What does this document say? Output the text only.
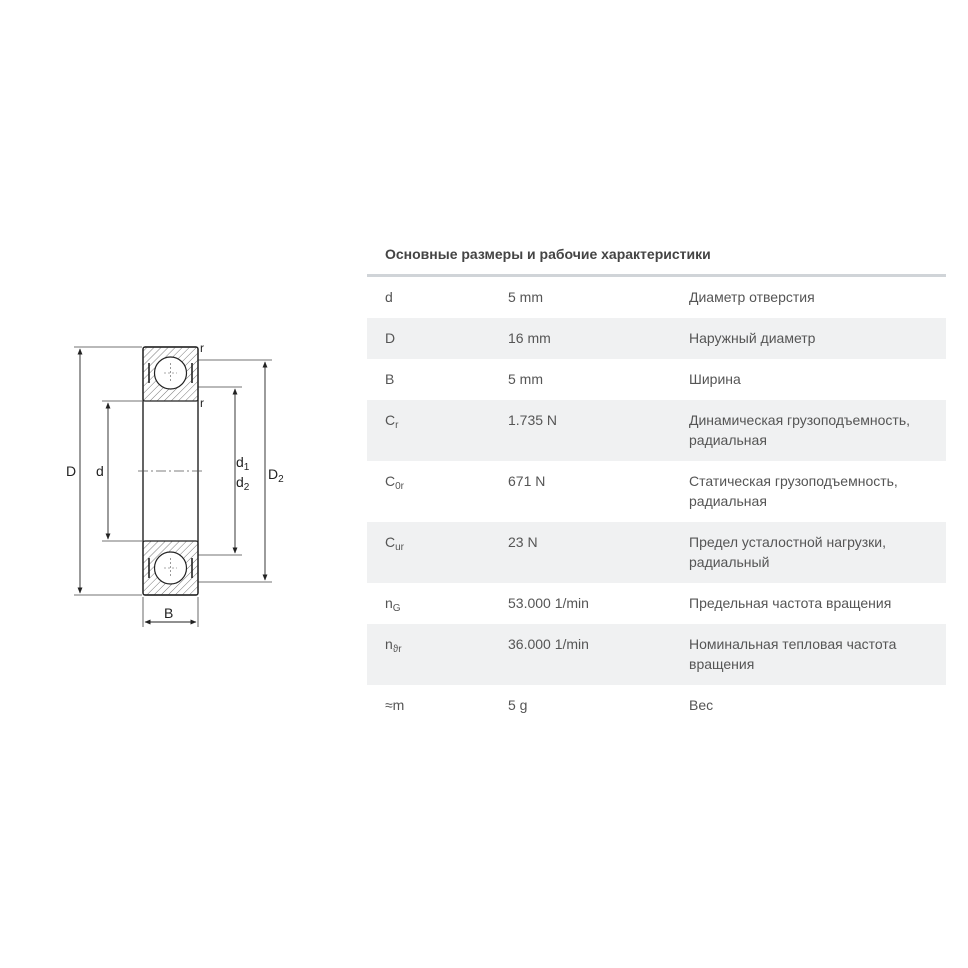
D d
$d_1$
$d_2$
$D_2$
B
r
r
Основные размеры и рабочие характеристики
d	5 mm	Диаметр отверстия
D	16 mm	Наружный диаметр
B	5 mm	Ширина
$C_r$	1.735 N	Динамическая грузоподъемность, радиальная
$C_{0r}$	671 N	Статическая грузоподъемность, радиальная
$C_{ur}$	23 N	Предел усталостной нагрузки, радиальный
$n_G$	53.000 1/min	Предельная частота вращения
$n_{ϑr}$	36.000 1/min	Номинальная тепловая частота вращения
≈m	5 g	Вес
